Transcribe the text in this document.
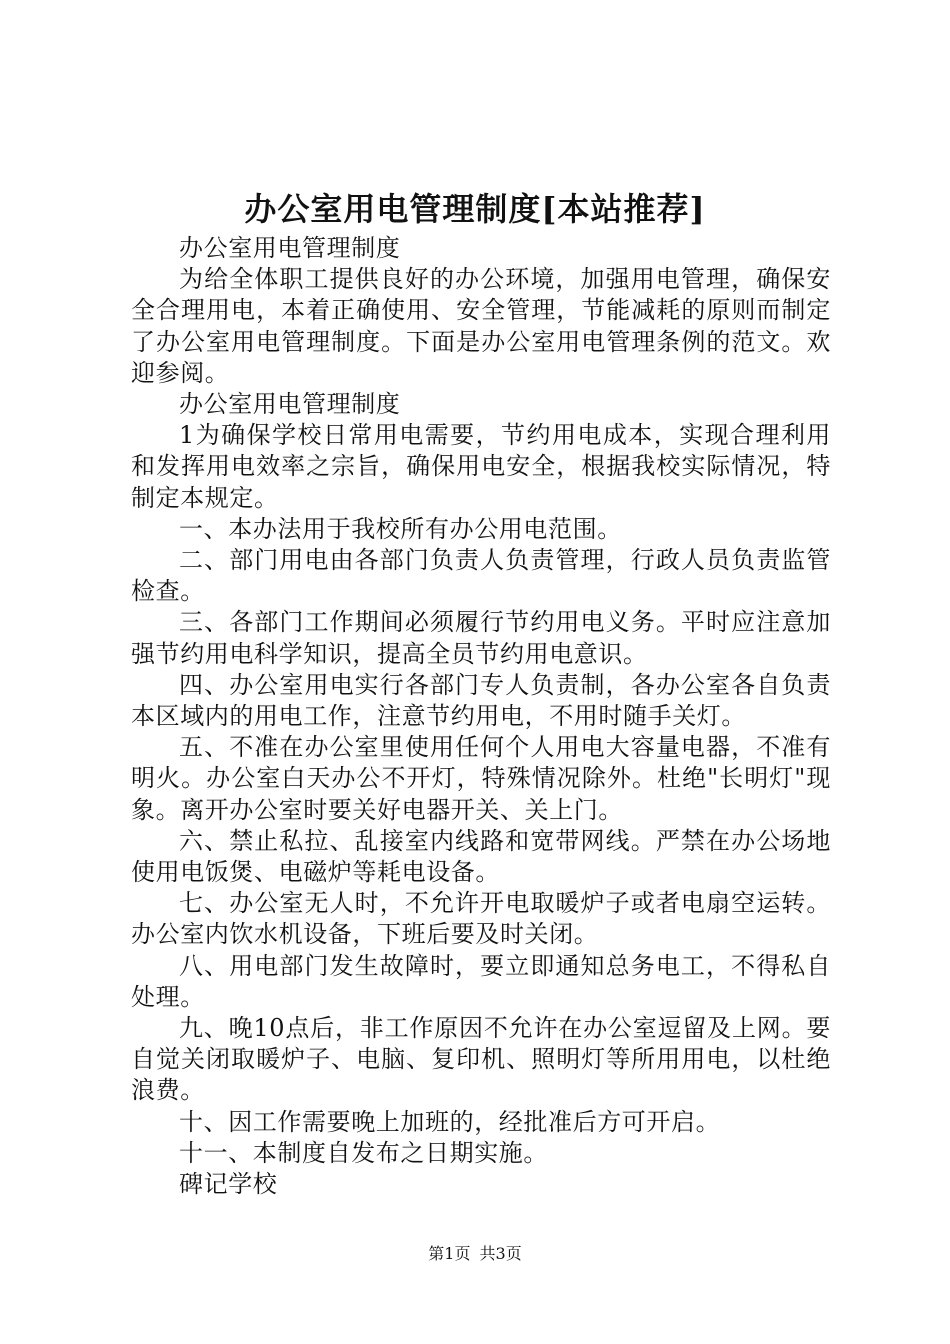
办公室用电管理制度[本站推荐]

办公室用电管理制度

为给全体职工提供良好的办公环境，加强用电管理，确保安全合理用电，本着正确使用、安全管理，节能减耗的原则而制定了办公室用电管理制度。下面是办公室用电管理条例的范文。欢迎参阅。

办公室用电管理制度

1为确保学校日常用电需要，节约用电成本，实现合理利用和发挥用电效率之宗旨，确保用电安全，根据我校实际情况，特制定本规定。

一、本办法用于我校所有办公用电范围。

二、部门用电由各部门负责人负责管理，行政人员负责监管检查。

三、各部门工作期间必须履行节约用电义务。平时应注意加强节约用电科学知识，提高全员节约用电意识。

四、办公室用电实行各部门专人负责制，各办公室各自负责本区域内的用电工作，注意节约用电，不用时随手关灯。

五、不准在办公室里使用任何个人用电大容量电器，不准有明火。办公室白天办公不开灯，特殊情况除外。杜绝"长明灯"现象。离开办公室时要关好电器开关、关上门。

六、禁止私拉、乱接室内线路和宽带网线。严禁在办公场地使用电饭煲、电磁炉等耗电设备。

七、办公室无人时，不允许开电取暖炉子或者电扇空运转。办公室内饮水机设备，下班后要及时关闭。

八、用电部门发生故障时，要立即通知总务电工，不得私自处理。

九、晚10点后，非工作原因不允许在办公室逗留及上网。要自觉关闭取暖炉子、电脑、复印机、照明灯等所用用电，以杜绝浪费。

十、因工作需要晚上加班的，经批准后方可开启。

十一、本制度自发布之日期实施。

碑记学校

第1页 共3页
